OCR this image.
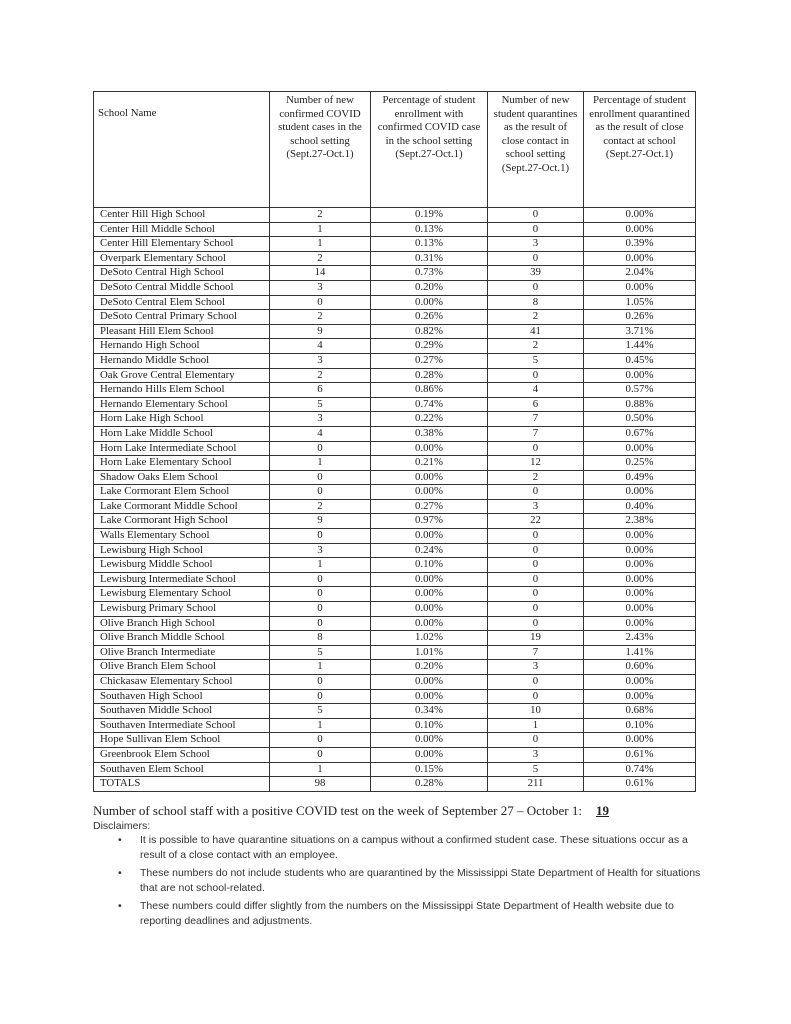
School Name	Number of new confirmed COVID student cases in the school setting (Sept.27-Oct.1)	Percentage of student enrollment with confirmed COVID case in the school setting (Sept.27-Oct.1)	Number of new student quarantines as the result of close contact in school setting (Sept.27-Oct.1)	Percentage of student enrollment quarantined as the result of close contact at school (Sept.27-Oct.1)
Center Hill High School	2	0.19%	0	0.00%
Center Hill Middle School	1	0.13%	0	0.00%
Center Hill Elementary School	1	0.13%	3	0.39%
Overpark Elementary School	2	0.31%	0	0.00%
DeSoto Central High School	14	0.73%	39	2.04%
DeSoto Central Middle School	3	0.20%	0	0.00%
DeSoto Central Elem School	0	0.00%	8	1.05%
DeSoto Central Primary School	2	0.26%	2	0.26%
Pleasant Hill Elem School	9	0.82%	41	3.71%
Hernando High School	4	0.29%	2	1.44%
Hernando Middle School	3	0.27%	5	0.45%
Oak Grove Central Elementary	2	0.28%	0	0.00%
Hernando Hills Elem School	6	0.86%	4	0.57%
Hernando Elementary School	5	0.74%	6	0.88%
Horn Lake High School	3	0.22%	7	0.50%
Horn Lake Middle School	4	0.38%	7	0.67%
Horn Lake Intermediate School	0	0.00%	0	0.00%
Horn Lake Elementary School	1	0.21%	12	0.25%
Shadow Oaks Elem School	0	0.00%	2	0.49%
Lake Cormorant Elem School	0	0.00%	0	0.00%
Lake Cormorant Middle School	2	0.27%	3	0.40%
Lake Cormorant High School	9	0.97%	22	2.38%
Walls Elementary School	0	0.00%	0	0.00%
Lewisburg High School	3	0.24%	0	0.00%
Lewisburg Middle School	1	0.10%	0	0.00%
Lewisburg Intermediate School	0	0.00%	0	0.00%
Lewisburg Elementary School	0	0.00%	0	0.00%
Lewisburg Primary School	0	0.00%	0	0.00%
Olive Branch High School	0	0.00%	0	0.00%
Olive Branch Middle School	8	1.02%	19	2.43%
Olive Branch Intermediate	5	1.01%	7	1.41%
Olive Branch Elem School	1	0.20%	3	0.60%
Chickasaw Elementary School	0	0.00%	0	0.00%
Southaven High School	0	0.00%	0	0.00%
Southaven Middle School	5	0.34%	10	0.68%
Southaven Intermediate School	1	0.10%	1	0.10%
Hope Sullivan Elem School	0	0.00%	0	0.00%
Greenbrook Elem School	0	0.00%	3	0.61%
Southaven Elem School	1	0.15%	5	0.74%
TOTALS	98	0.28%	211	0.61%
Number of school staff with a positive COVID test on the week of September 27 – October 1: 19
Disclaimers:
• It is possible to have quarantine situations on a campus without a confirmed student case. These situations occur as a result of a close contact with an employee.
• These numbers do not include students who are quarantined by the Mississippi State Department of Health for situations that are not school-related.
• These numbers could differ slightly from the numbers on the Mississippi State Department of Health website due to reporting deadlines and adjustments.
